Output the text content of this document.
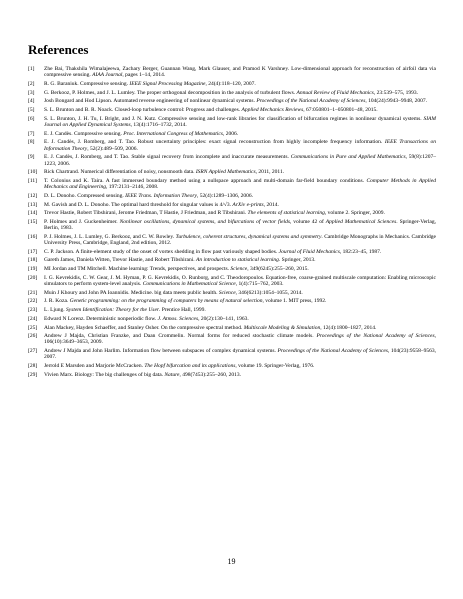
References
[1]	Zhe Bai, Thakshila Wimalajeewa, Zachary Berger, Guannan Wang, Mark Glauser, and Pramod K Varshney. Low-dimensional approach for reconstruction of airfoil data via compressive sensing. AIAA Journal, pages 1–14, 2014.
[2]	R. G. Baraniuk. Compressive sensing. IEEE Signal Processing Magazine, 24(4):118–120, 2007.
[3]	G. Berkooz, P. Holmes, and J. L. Lumley. The proper orthogonal decomposition in the analysis of turbulent flows. Annual Review of Fluid Mechanics, 23:539–575, 1993.
[4]	Josh Bongard and Hod Lipson. Automated reverse engineering of nonlinear dynamical systems. Proceedings of the National Academy of Sciences, 104(24):9943–9948, 2007.
[5]	S. L. Brunton and B. R. Noack. Closed-loop turbulence control: Progress and challenges. Applied Mechanics Reviews, 67:050801–1–050801–48, 2015.
[6]	S. L. Brunton, J. H. Tu, I. Bright, and J. N. Kutz. Compressive sensing and low-rank libraries for classification of bifurcation regimes in nonlinear dynamical systems. SIAM Journal on Applied Dynamical Systems, 13(4):1716–1732, 2014.
[7]	E. J. Candès. Compressive sensing. Proc. International Congress of Mathematics, 2006.
[8]	E. J. Candès, J. Romberg, and T. Tao. Robust uncertainty principles: exact signal reconstruction from highly incomplete frequency information. IEEE Transactions on Information Theory, 52(2):489–509, 2006.
[9]	E. J. Candès, J. Romberg, and T. Tao. Stable signal recovery from incomplete and inaccurate measurements. Communications in Pure and Applied Mathematics, 59(8):1207–1223, 2006.
[10]	Rick Chartrand. Numerical differentiation of noisy, nonsmooth data. ISRN Applied Mathematics, 2011, 2011.
[11]	T. Colonius and K. Taira. A fast immersed boundary method using a nullspace approach and multi-domain far-field boundary conditions. Computer Methods in Applied Mechanics and Engineering, 197:2131–2146, 2008.
[12]	D. L. Donoho. Compressed sensing. IEEE Trans. Information Theory, 52(4):1289–1306, 2006.
[13]	M. Gavish and D. L. Donoho. The optimal hard threshold for singular values is 4/√3. ArXiv e-prints, 2014.
[14]	Trevor Hastie, Robert Tibshirani, Jerome Friedman, T Hastie, J Friedman, and R Tibshirani. The elements of statistical learning, volume 2. Springer, 2009.
[15]	P. Holmes and J. Guckenheimer. Nonlinear oscillations, dynamical systems, and bifurcations of vector fields, volume 42 of Applied Mathematical Sciences. Springer-Verlag, Berlin, 1983.
[16]	P. J. Holmes, J. L. Lumley, G. Berkooz, and C. W. Rowley. Turbulence, coherent structures, dynamical systems and symmetry. Cambridge Monographs in Mechanics. Cambridge University Press, Cambridge, England, 2nd edition, 2012.
[17]	C. P. Jackson. A finite-element study of the onset of vortex shedding in flow past variously shaped bodies. Journal of Fluid Mechanics, 182:23–45, 1987.
[18]	Gareth James, Daniela Witten, Trevor Hastie, and Robert Tibshirani. An introduction to statistical learning. Springer, 2013.
[19]	MI Jordan and TM Mitchell. Machine learning: Trends, perspectives, and prospects. Science, 349(6245):255–260, 2015.
[20]	I. G. Kevrekidis, C. W. Gear, J. M. Hyman, P. G. Kevrekidis, O. Runborg, and C. Theodoropoulos. Equation-free, coarse-grained multiscale computation: Enabling microscopic simulators to perform system-level analysis. Communications in Mathematical Science, 1(4):715–762, 2003.
[21]	Muin J Khoury and John PA Ioannidis. Medicine. big data meets public health. Science, 346(6213):1054–1055, 2014.
[22]	J. R. Koza. Genetic programming: on the programming of computers by means of natural selection, volume 1. MIT press, 1992.
[23]	L. Ljung. System Identification: Theory for the User. Prentice Hall, 1999.
[24]	Edward N Lorenz. Deterministic nonperiodic flow. J. Atmos. Sciences, 20(2):130–141, 1963.
[25]	Alan Mackey, Hayden Schaeffer, and Stanley Osher. On the compressive spectral method. Multiscale Modeling & Simulation, 12(4):1800–1827, 2014.
[26]	Andrew J Majda, Christian Franzke, and Daan Crommelin. Normal forms for reduced stochastic climate models. Proceedings of the National Academy of Sciences, 106(10):3649–3653, 2009.
[27]	Andrew J Majda and John Harlim. Information flow between subspaces of complex dynamical systems. Proceedings of the National Academy of Sciences, 104(23):9558–9563, 2007.
[28]	Jerrold E Marsden and Marjorie McCracken. The Hopf bifurcation and its applications, volume 19. Springer-Verlag, 1976.
[29]	Vivien Marx. Biology: The big challenges of big data. Nature, 498(7453):255–260, 2013.
19
